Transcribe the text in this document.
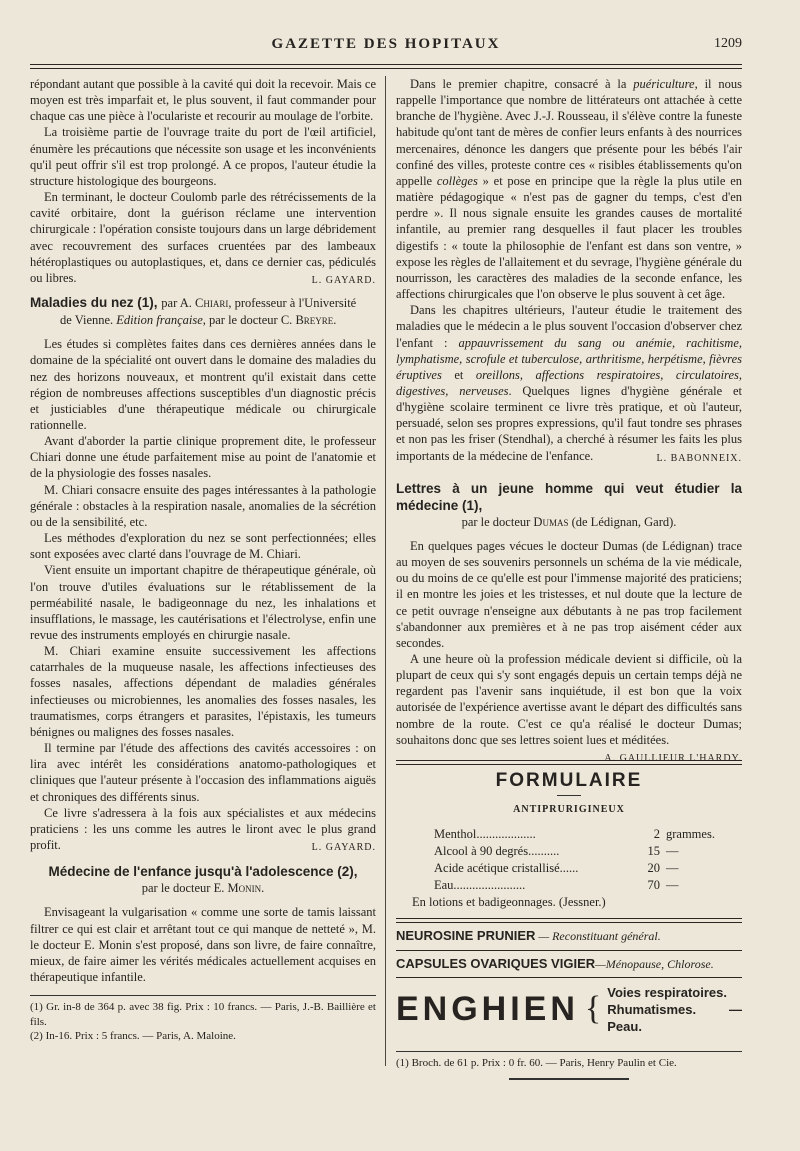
GAZETTE DES HOPITAUX	1209

répondant autant que possible à la cavité qui doit la recevoir. Mais ce moyen est très imparfait et, le plus souvent, il faut commander pour chaque cas une pièce à l'oculariste et recourir au moulage de l'orbite.

La troisième partie de l'ouvrage traite du port de l'œil artificiel, énumère les précautions que nécessite son usage et les inconvénients qu'il peut offrir s'il est trop prolongé. A ce propos, l'auteur étudie la structure histologique des bourgeons.

En terminant, le docteur Coulomb parle des rétrécissements de la cavité orbitaire, dont la guérison réclame une intervention chirurgicale : l'opération consiste toujours dans un large débridement avec recouvrement des surfaces cruentées par des lambeaux hétéroplastiques ou autoplastiques, et, dans ce dernier cas, pédiculés ou libres.	L. GAYARD.

Maladies du nez (1), par A. Chiari, professeur à l'Université
de Vienne. Edition française, par le docteur C. Breyre.

Les études si complètes faites dans ces dernières années dans le domaine de la spécialité ont ouvert dans le domaine des maladies du nez des horizons nouveaux, et montrent qu'il existait dans cette région de nombreuses affections susceptibles d'un diagnostic précis et justiciables d'une thérapeutique médicale ou chirurgicale rationnelle.

Avant d'aborder la partie clinique proprement dite, le professeur Chiari donne une étude parfaitement mise au point de l'anatomie et de la physiologie des fosses nasales.

M. Chiari consacre ensuite des pages intéressantes à la pathologie générale : obstacles à la respiration nasale, anomalies de la sécrétion ou de la sensibilité, etc.

Les méthodes d'exploration du nez se sont perfectionnées; elles sont exposées avec clarté dans l'ouvrage de M. Chiari.

Vient ensuite un important chapitre de thérapeutique générale, où l'on trouve d'utiles évaluations sur le rétablissement de la perméabilité nasale, le badigeonnage du nez, les inhalations et insufflations, le massage, les cautérisations et l'électrolyse, enfin une revue des instruments employés en chirurgie nasale.

M. Chiari examine ensuite successivement les affections catarrhales de la muqueuse nasale, les affections infectieuses des fosses nasales, affections dépendant de maladies générales infectieuses ou microbiennes, les anomalies des fosses nasales, les traumatismes, corps étrangers et parasites, l'épistaxis, les tumeurs bénignes ou malignes des fosses nasales.

Il termine par l'étude des affections des cavités accessoires : on lira avec intérêt les considérations anatomo-pathologiques et cliniques que l'auteur présente à l'occasion des inflammations aiguës et chroniques des différents sinus.

Ce livre s'adressera à la fois aux spécialistes et aux médecins praticiens : les uns comme les autres le liront avec le plus grand profit.	L. GAYARD.

Médecine de l'enfance jusqu'à l'adolescence (2),
par le docteur E. Monin.

Envisageant la vulgarisation « comme une sorte de tamis laissant filtrer ce qui est clair et arrêtant tout ce qui manque de netteté », M. le docteur E. Monin s'est proposé, dans son livre, de faire connaître, mieux, de faire aimer les vérités médicales actuellement acquises en thérapeutique infantile.

(1) Gr. in-8 de 364 p. avec 38 fig. Prix : 10 francs. — Paris, J.-B. Baillière et fils.
(2) In-16. Prix : 5 francs. — Paris, A. Maloine.

Dans le premier chapitre, consacré à la puériculture, il nous rappelle l'importance que nombre de littérateurs ont attachée à cette branche de l'hygiène. Avec J.-J. Rousseau, il s'élève contre la funeste habitude qu'ont tant de mères de confier leurs enfants à des nourrices mercenaires, dénonce les dangers que présente pour les bébés l'air confiné des villes, proteste contre ces « risibles établissements qu'on appelle collèges » et pose en principe que la règle la plus utile en matière pédagogique « n'est pas de gagner du temps, c'est d'en perdre ». Il nous signale ensuite les grandes causes de mortalité infantile, au premier rang desquelles il faut placer les troubles digestifs : « toute la philosophie de l'enfant est dans son ventre, » expose les règles de l'allaitement et du sevrage, l'hygiène générale du nourrisson, les caractères des maladies de la seconde enfance, les affections chirurgicales que l'on observe le plus souvent à cet âge.

Dans les chapitres ultérieurs, l'auteur étudie le traitement des maladies que le médecin a le plus souvent l'occasion d'observer chez l'enfant : appauvrissement du sang ou anémie, rachitisme, lymphatisme, scrofule et tuberculose, arthritisme, herpétisme, fièvres éruptives et oreillons, affections respiratoires, circulatoires, digestives, nerveuses. Quelques lignes d'hygiène générale et d'hygiène scolaire terminent ce livre très pratique, et où l'auteur, persuadé, selon ses propres expressions, qu'il faut tondre ses phrases et non pas les friser (Stendhal), a cherché à résumer les faits les plus importants de la médecine de l'enfance.	L. BABONNEIX.

Lettres à un jeune homme qui veut étudier la médecine (1),
par le docteur Dumas (de Lédignan, Gard).

En quelques pages vécues le docteur Dumas (de Lédignan) trace au moyen de ses souvenirs personnels un schéma de la vie médicale, ou du moins de ce qu'elle est pour l'immense majorité des praticiens; il en montre les joies et les tristesses, et nul doute que la lecture de ce petit ouvrage n'enseigne aux débutants à ne pas trop facilement s'abandonner aux premières et à ne pas trop aisément céder aux secondes.

A une heure où la profession médicale devient si difficile, où la plupart de ceux qui s'y sont engagés depuis un certain temps déjà ne regardent pas l'avenir sans inquiétude, il est bon que la voix autorisée de l'expérience avertisse avant le départ des difficultés sans nombre de la route. C'est ce qu'a réalisé le docteur Dumas; souhaitons donc que ses lettres soient lues et méditées.
A. GAULLIEUR L'HARDY.

FORMULAIRE
ANTIPRURIGINEUX
Menthol...................	2 grammes.
Alcool à 90 degrés..........	15 —
Acide acétique cristallisé......	20 —
Eau.......................	70 —
En lotions et badigeonnages. (Jessner.)
NEUROSINE PRUNIER — Reconstituant général.
CAPSULES OVARIQUES VIGIER—Ménopause, Chlorose.
ENGHIEN { Voies respiratoires.
Rhumatismes. — Peau.
(1) Broch. de 61 p. Prix : 0 fr. 60. — Paris, Henry Paulin et Cie.
